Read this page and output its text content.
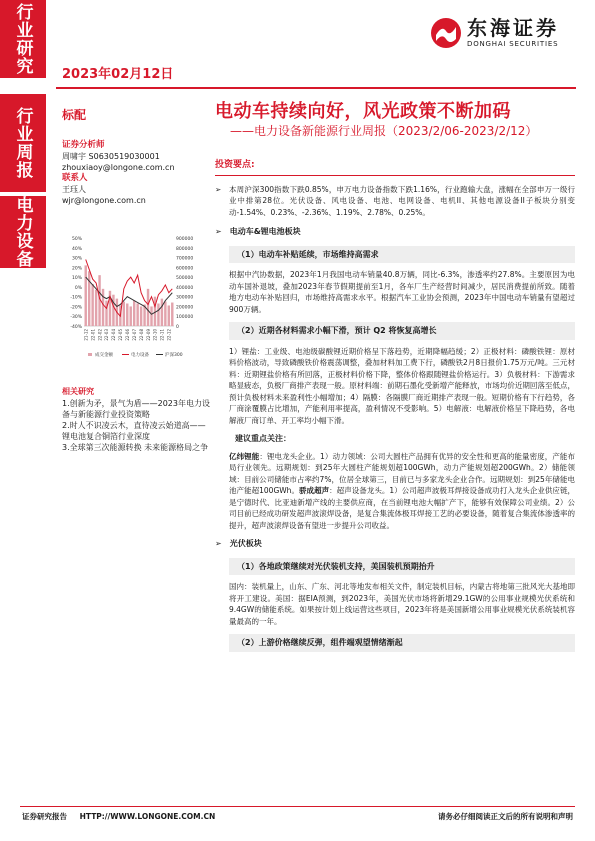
行业研究
行业周报
电力设备
2023年02月12日
东海证券
DONGHAI SECURITIES
标配	电动车持续向好，风光政策不断加码
——电力设备新能源行业周报（2023/2/06-2023/2/12）
证券分析师
周啸宇 S0630519030001
zhouxiaoy@longone.com.cn
联系人
王珏人
wjr@longone.com.cn
50%
40%
30%
20%
10%
0%
-10%
-20%
-30%
-40%
900000
800000
700000
600000
500000
400000
300000
200000
100000
0
21-12 22-01 22-02 22-03 22-04 22-05 22-06 22-07 22-08 22-09 22-10 22-11 22-12
成交金额	电力设备	沪深300
相关研究
1.创新为矛，景气为盾——2023年电力设备与新能源行业投资策略
2.时人不识凌云木，直待凌云始道高——锂电池复合铜箔行业深度
3.全球第三次能源转换 未来能源格局之争
投资要点:
➢ 本周沪深300指数下跌0.85%，申万电力设备指数下跌1.16%，行业跑输大盘，涨幅在全部申万一级行业中排第28位。光伏设备、风电设备、电池、电网设备、电机II、其他电源设备II子板块分别变动-1.54%、0.23%、-2.36%、1.19%、2.78%、0.25%。
➢ 电动车&锂电池板块
（1）电动车补贴延续，市场维持高需求
根据中汽协数据，2023年1月我国电动车销量40.8万辆，同比-6.3%，渗透率约27.8%。主要原因为电动车国补退坡，叠加2023年春节假期提前至1月，各车厂生产经营时间减少，居民消费提前所致。随着地方电动车补贴回归，市场维持高需求水平。根据汽车工业协会预测，2023年中国电动车销量有望超过900万辆。
（2）近期各材料需求小幅下滑，预计 Q2 将恢复高增长
1）锂盐：工业级、电池级碳酸锂近期价格呈下落趋势，近期降幅趋缓；2）正极材料：磷酸铁锂：原材料价格波动，导致磷酸铁价格震荡调整，叠加材料加工费下行，磷酸铁2月8日报价1.75万元/吨。三元材料：近期锂盐价格有所回落，正极材料价格下降，整体价格跟随锂盐价格运行。3）负极材料：下游需求略显疲态，负极厂商排产表现一般。原材料端：前期石墨化受新增产能释放，市场均价近期回落至低点，预计负极材料未来盈利性小幅增加；4）隔膜：各隔膜厂商近期排产表现一般。短期价格有下行趋势，各厂商涂覆膜占比增加，产能利用率提高，盈利情况不受影响。5）电解液：电解液价格呈下降趋势，各电解液厂商订单、开工率均小幅下滑。
建议重点关注：
亿纬锂能：锂电龙头企业。1）动力领域：公司大圆柱产品拥有优异的安全性和更高的能量密度，产能布局行业领先。远期规划：到25年大圆柱产能规划超100GWh，动力产能规划超200GWh。2）储能领域：目前公司储能市占率约7%，位居全球第三，目前已与多家龙头企业合作。远期规划：到25年储能电池产能超100GWh。骄成超声：超声设备龙头。1）公司超声波极耳焊接设备成功打入龙头企业供应链，是宁德时代、比亚迪新增产线的主要供应商，在当前锂电池大幅扩产下，能够有效保障公司业绩。2）公司目前已经成功研发超声波滚焊设备，是复合集流体极耳焊接工艺的必要设备，随着复合集流体渗透率的提升，超声波滚焊设备有望进一步提升公司收益。
➢ 光伏板块
（1）各地政策继续对光伏装机支持，美国装机预期抬升
国内：装机量上，山东、广东、河北等地发布相关文件，制定装机目标，内蒙古将地第三批风光大基地即将开工建设。美国：据EIA预测，到2023年，美国光伏市场将新增29.1GW的公用事业规模光伏系统和9.4GW的储能系统。如果按计划上线运营这些项目，2023年将是美国新增公用事业规模光伏系统装机容量最高的一年。
（2）上游价格继续反弹，组件端观望情绪渐起
证券研究报告 HTTP://WWW.LONGONE.COM.CN	请务必仔细阅读正文后的所有说明和声明
